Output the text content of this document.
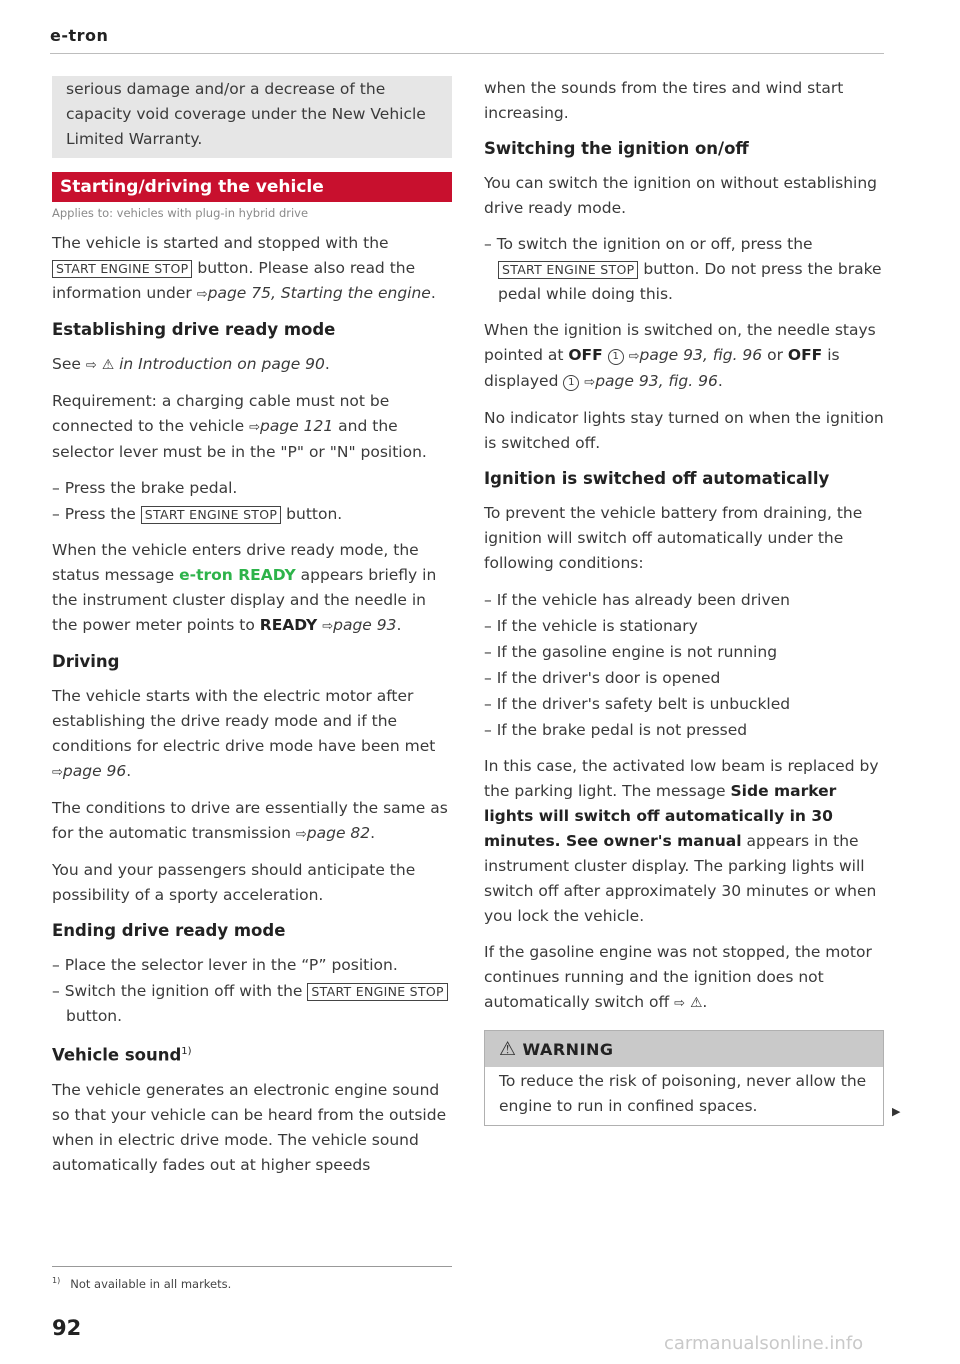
e-tron

serious damage and/or a decrease of the capacity void coverage under the New Vehicle Limited Warranty.

Starting/driving the vehicle
Applies to: vehicles with plug-in hybrid drive

The vehicle is started and stopped with the START ENGINE STOP button. Please also read the information under ⇨page 75, Starting the engine.

Establishing drive ready mode

See ⇨ ⚠ in Introduction on page 90.

Requirement: a charging cable must not be connected to the vehicle ⇨page 121 and the selector lever must be in the "P" or "N" position.

– Press the brake pedal.
– Press the START ENGINE STOP button.

When the vehicle enters drive ready mode, the status message e-tron READY appears briefly in the instrument cluster display and the needle in the power meter points to READY ⇨page 93.

Driving

The vehicle starts with the electric motor after establishing the drive ready mode and if the conditions for electric drive mode have been met ⇨page 96.

The conditions to drive are essentially the same as for the automatic transmission ⇨page 82.

You and your passengers should anticipate the possibility of a sporty acceleration.

Ending drive ready mode
– Place the selector lever in the “P” position.
– Switch the ignition off with the START ENGINE STOP button.
Vehicle sound$^{1)}$

The vehicle generates an electronic engine sound so that your vehicle can be heard from the outside when in electric drive mode. The vehicle sound automatically fades out at higher speeds

when the sounds from the tires and wind start increasing.

Switching the ignition on/off

You can switch the ignition on without establishing drive ready mode.

– To switch the ignition on or off, press the START ENGINE STOP button. Do not press the brake pedal while doing this.

When the ignition is switched on, the needle stays pointed at OFF 1 ⇨page 93, fig. 96 or OFF is displayed 1 ⇨page 93, fig. 96.

No indicator lights stay turned on when the ignition is switched off.

Ignition is switched off automatically

To prevent the vehicle battery from draining, the ignition will switch off automatically under the following conditions:

– If the vehicle has already been driven
– If the vehicle is stationary
– If the gasoline engine is not running
– If the driver's door is opened
– If the driver's safety belt is unbuckled
– If the brake pedal is not pressed

In this case, the activated low beam is replaced by the parking light. The message Side marker lights will switch off automatically in 30 minutes. See owner's manual appears in the instrument cluster display. The parking lights will switch off after approximately 30 minutes or when you lock the vehicle.

If the gasoline engine was not stopped, the motor continues running and the ignition does not automatically switch off ⇨ ⚠.

⚠ WARNING
To reduce the risk of poisoning, never allow the engine to run in confined spaces.	▶
$^{1)}$ Not available in all markets.
92
carmanualsonline.info
